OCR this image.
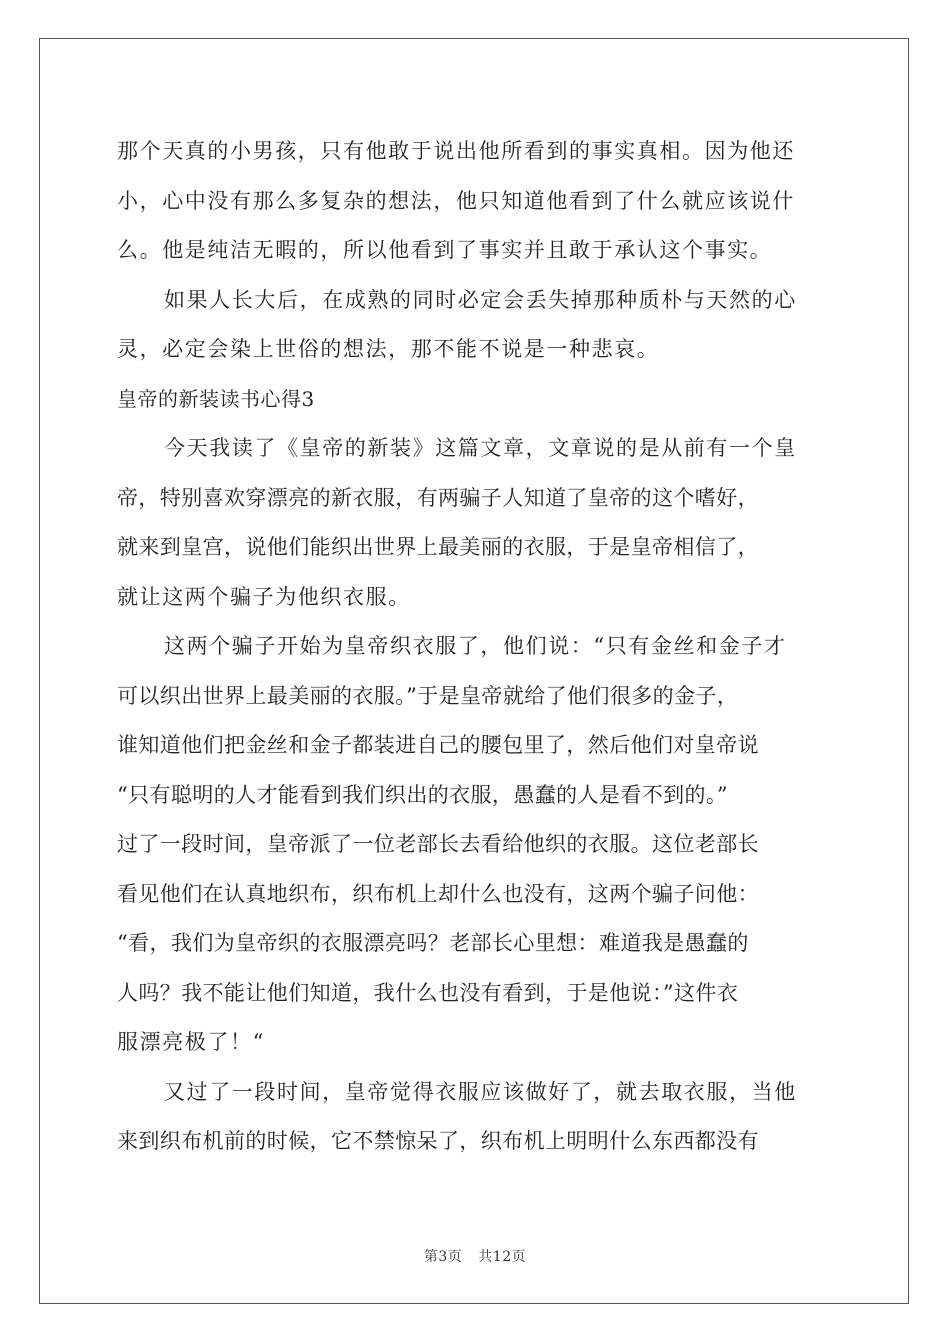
那个天真的小男孩，只有他敢于说出他所看到的事实真相。因为他还
小，心中没有那么多复杂的想法，他只知道他看到了什么就应该说什
么。他是纯洁无暇的，所以他看到了事实并且敢于承认这个事实。
如果人长大后，在成熟的同时必定会丢失掉那种质朴与天然的心
灵，必定会染上世俗的想法，那不能不说是一种悲哀。
皇帝的新装读书心得3
今天我读了《皇帝的新装》这篇文章，文章说的是从前有一个皇
帝，特别喜欢穿漂亮的新衣服，有两骗子人知道了皇帝的这个嗜好，
就来到皇宫，说他们能织出世界上最美丽的衣服，于是皇帝相信了，
就让这两个骗子为他织衣服。
这两个骗子开始为皇帝织衣服了，他们说：“只有金丝和金子才
可以织出世界上最美丽的衣服。”于是皇帝就给了他们很多的金子，
谁知道他们把金丝和金子都装进自己的腰包里了，然后他们对皇帝说
“只有聪明的人才能看到我们织出的衣服，愚蠢的人是看不到的。”
过了一段时间，皇帝派了一位老部长去看给他织的衣服。这位老部长
看见他们在认真地织布，织布机上却什么也没有，这两个骗子问他：
“看，我们为皇帝织的衣服漂亮吗？老部长心里想：难道我是愚蠢的
人吗？我不能让他们知道，我什么也没有看到，于是他说：”这件衣
服漂亮极了！“
又过了一段时间，皇帝觉得衣服应该做好了，就去取衣服，当他
来到织布机前的时候，它不禁惊呆了，织布机上明明什么东西都没有
第3页 共12页
